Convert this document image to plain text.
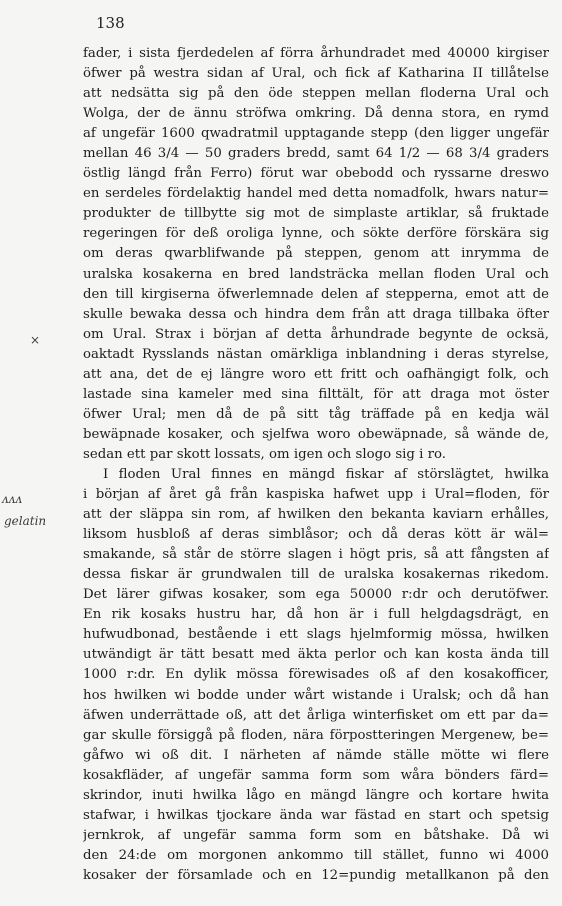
138
fader, i sista fjerdedelen af förra århundradet med 40000 kirgiser
öfwer på westra sidan af Ural, och fick af Katharina II tillåtelse
att nedsätta sig på den öde steppen mellan floderna Ural och
Wolga, der de ännu ströfwa omkring. Då denna stora, en rymd
af ungefär 1600 qwadratmil upptagande stepp (den ligger ungefär
mellan 46 3/4 — 50 graders bredd, samt 64 1/2 — 68 3/4 graders
östlig längd från Ferro) förut war obebodd och ryssarne dreswo
en serdeles fördelaktig handel med detta nomadfolk, hwars natur=
produkter de tillbytte sig mot de simplaste artiklar, så fruktade
regeringen för deß oroliga lynne, och sökte derföre förskära sig
om deras qwarblifwande på steppen, genom att inrymma de
uralska kosakerna en bred landsträcka mellan floden Ural och
den till kirgiserna öfwerlemnade delen af stepperna, emot att de
skulle bewaka dessa och hindra dem från att draga tillbaka öfter
om Ural. Strax i början af detta århundrade begynte de ocksä,
oaktadt Rysslands nästan omärkliga inblandning i deras styrelse,
att ana, det de ej längre woro ett fritt och oafhängigt folk, och
lastade sina kameler med sina filttält, för att draga mot öster
öfwer Ural; men då de på sitt tåg träffade på en kedja wäl
bewäpnade kosaker, och sjelfwa woro obewäpnade, så wände de,
sedan ett par skott lossats, om igen och slogo sig i ro.
I floden Ural finnes en mängd fiskar af störslägtet, hwilka
i början af året gå från kaspiska hafwet upp i Ural=floden, för
att der släppa sin rom, af hwilken den bekanta kaviarn erhålles,
liksom husbloß af deras simblåsor; och då deras kött är wäl=
smakande, så står de större slagen i högt pris, så att fångsten af
dessa fiskar är grundwalen till de uralska kosakernas rikedom.
Det lärer gifwas kosaker, som ega 50000 r:dr och derutöfwer.
En rik kosaks hustru har, då hon är i full helgdagsdrägt, en
hufwudbonad, bestående i ett slags hjelmformig mössa, hwilken
utwändigt är tätt besatt med äkta perlor och kan kosta ända till
1000 r:dr. En dylik mössa förewisades oß af den kosakofficer,
hos hwilken wi bodde under wårt wistande i Uralsk; och då han
äfwen underrättade oß, att det årliga winterfisket om ett par da=
gar skulle försiggå på floden, nära förpostteringen Mergenew, be=
gåfwo wi oß dit. I närheten af nämde ställe mötte wi flere
kosakfläder, af ungefär samma form som wåra bönders färd=
skrindor, inuti hwilka lågo en mängd längre och kortare hwita
stafwar, i hwilkas tjockare ända war fästad en start och spetsig
jernkrok, af ungefär samma form som en båtshake. Då wi
den 24:de om morgonen ankommo till stället, funno wi 4000
kosaker der församlade och en 12=pundig metallkanon på den
×
ᴧᴧᴧ
gelatin
